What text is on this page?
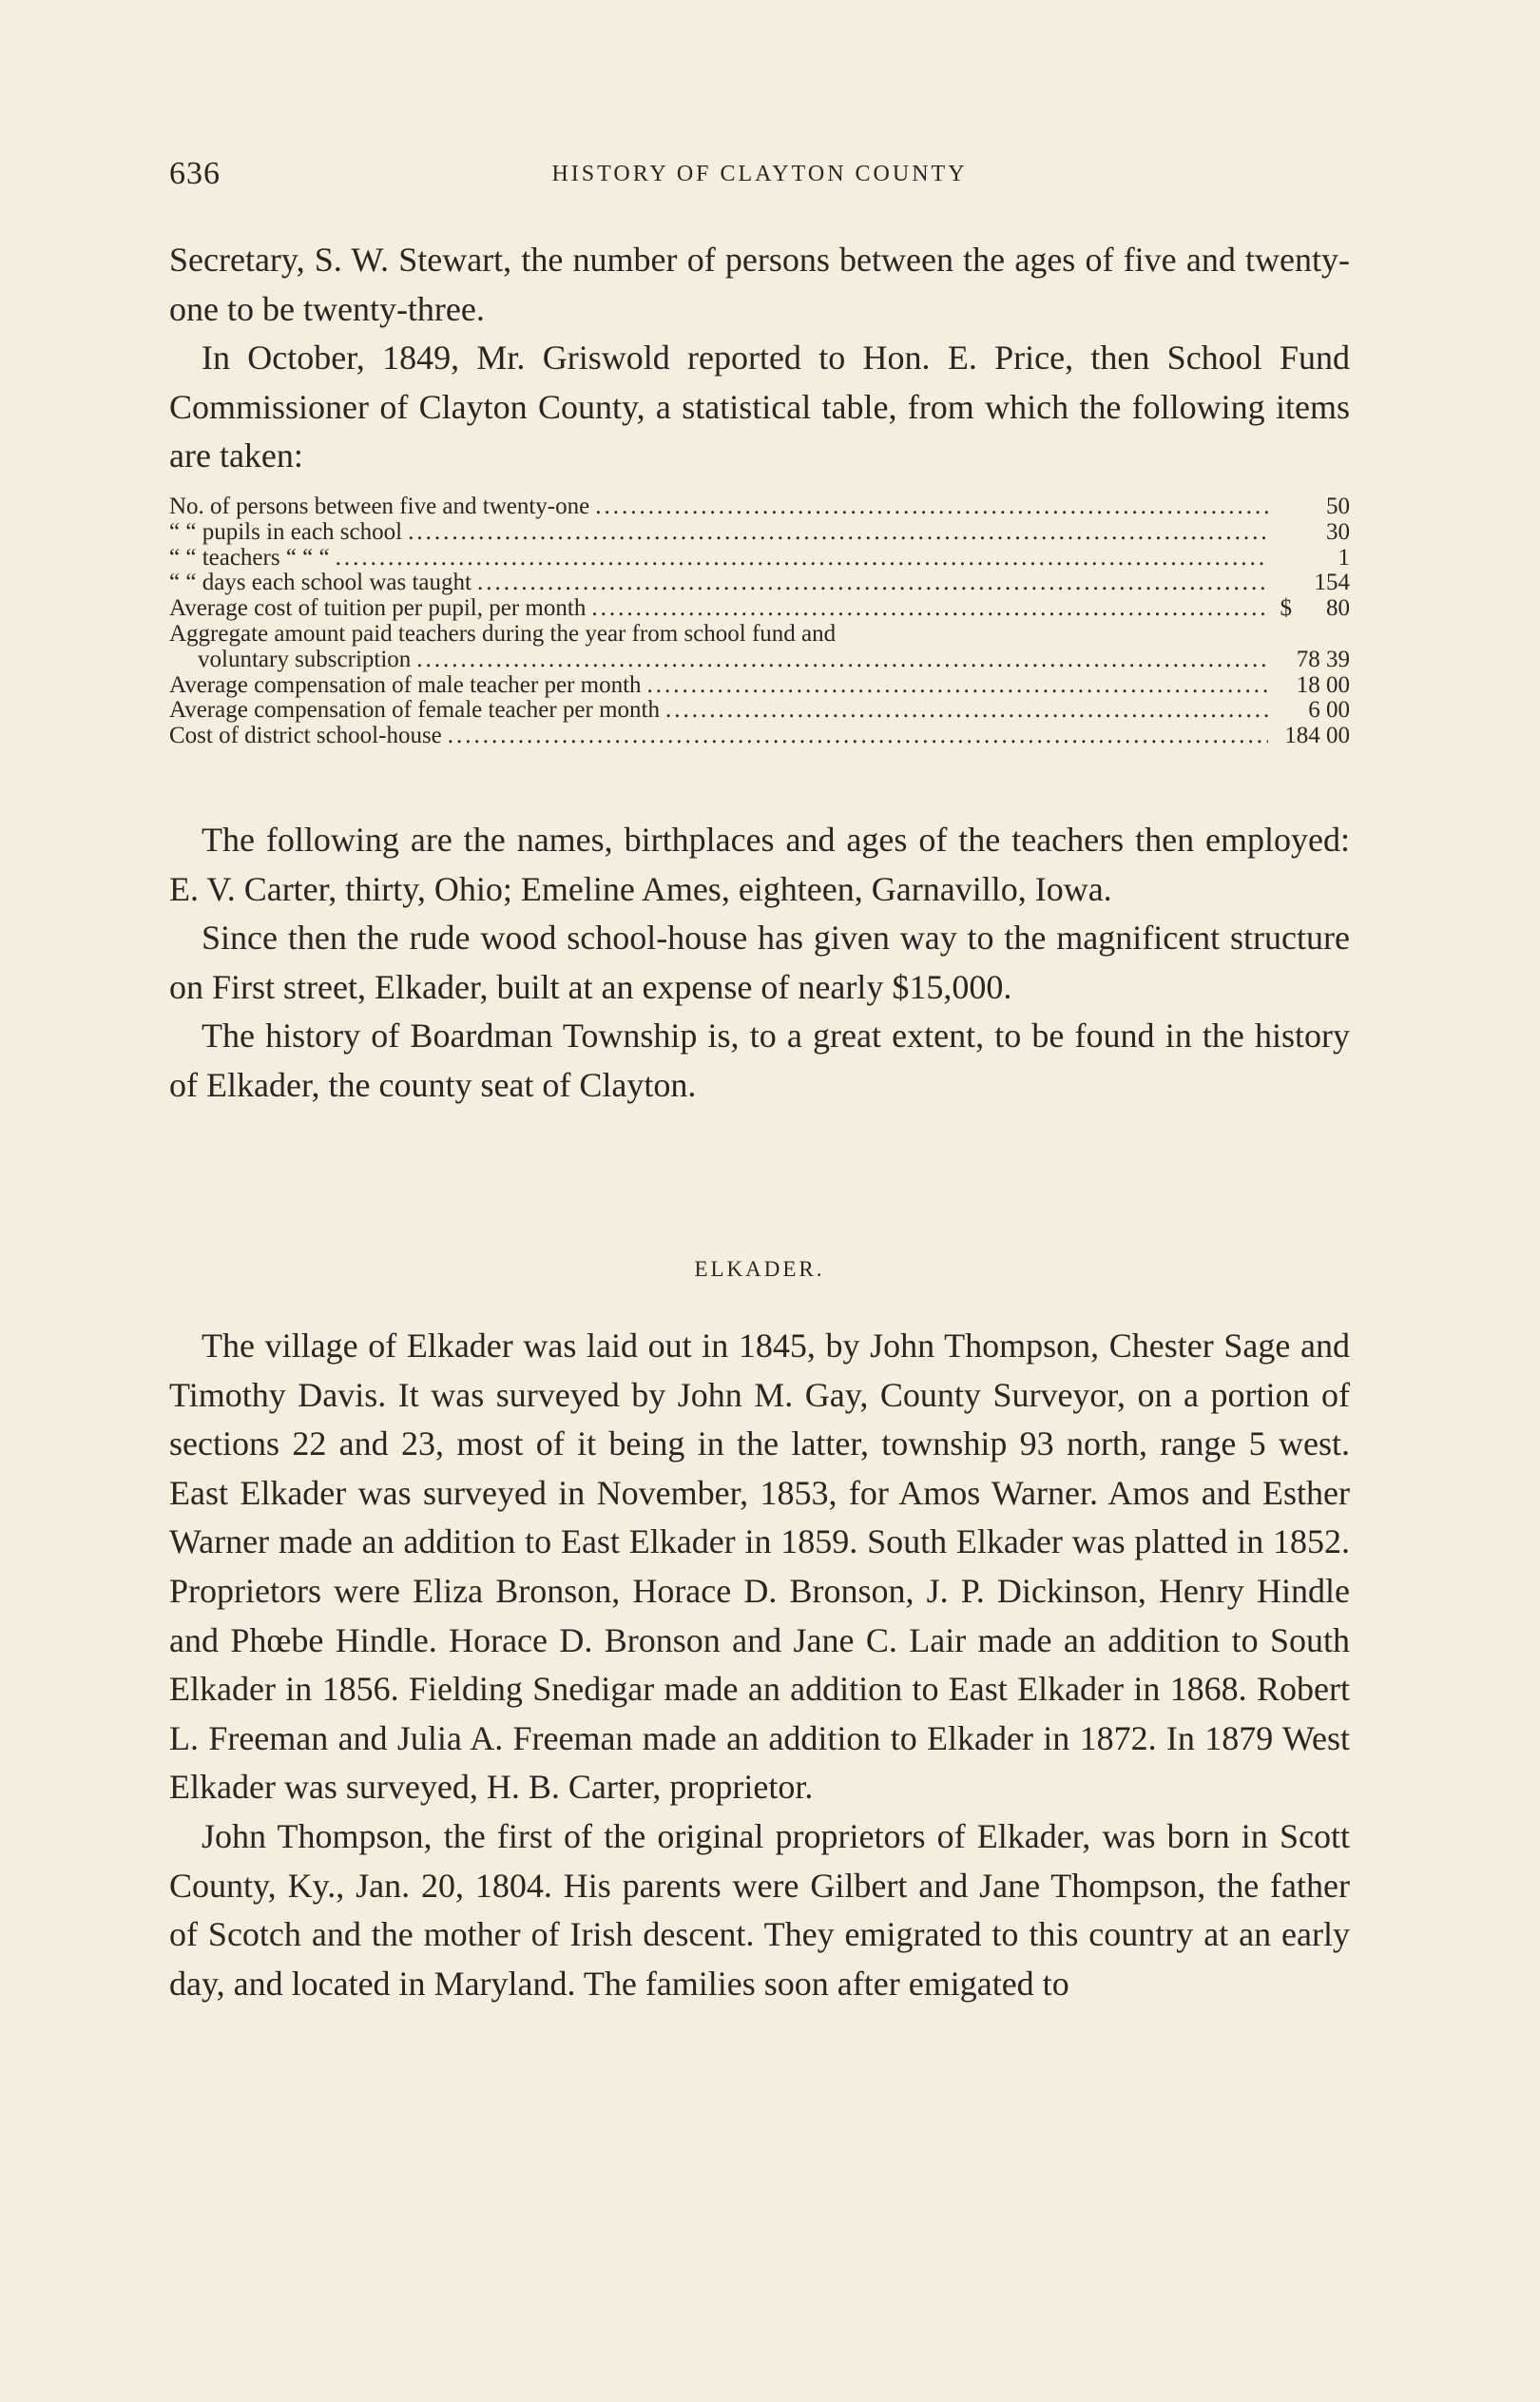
636	HISTORY OF CLAYTON COUNTY

Secretary, S. W. Stewart, the number of persons between the ages of five and twenty-one to be twenty-three.

In October, 1849, Mr. Griswold reported to Hon. E. Price, then School Fund Commissioner of Clayton County, a statistical table, from which the following items are taken:

No. of persons between five and twenty-one .....	50
“ “ pupils in each school .....	30
“ “ teachers “ “ “ .....	1
“ “ days each school was taught .....	154
Average cost of tuition per pupil, per month .....	$ 80
Aggregate amount paid teachers during the year from school fund and
voluntary subscription .....	78 39
Average compensation of male teacher per month .....	18 00
Average compensation of female teacher per month .....	6 00
Cost of district school-house .....	184 00

The following are the names, birthplaces and ages of the teachers then employed: E. V. Carter, thirty, Ohio; Emeline Ames, eighteen, Garnavillo, Iowa.

Since then the rude wood school-house has given way to the magnificent structure on First street, Elkader, built at an expense of nearly $15,000.

The history of Boardman Township is, to a great extent, to be found in the history of Elkader, the county seat of Clayton.

ELKADER.

The village of Elkader was laid out in 1845, by John Thompson, Chester Sage and Timothy Davis. It was surveyed by John M. Gay, County Surveyor, on a portion of sections 22 and 23, most of it being in the latter, township 93 north, range 5 west. East Elkader was surveyed in November, 1853, for Amos Warner. Amos and Esther Warner made an addition to East Elkader in 1859. South Elkader was platted in 1852. Proprietors were Eliza Bronson, Horace D. Bronson, J. P. Dickinson, Henry Hindle and Phœbe Hindle. Horace D. Bronson and Jane C. Lair made an addition to South Elkader in 1856. Fielding Snedigar made an addition to East Elkader in 1868. Robert L. Freeman and Julia A. Freeman made an addition to Elkader in 1872. In 1879 West Elkader was surveyed, H. B. Carter, proprietor.

John Thompson, the first of the original proprietors of Elkader, was born in Scott County, Ky., Jan. 20, 1804. His parents were Gilbert and Jane Thompson, the father of Scotch and the mother of Irish descent. They emigrated to this country at an early day, and located in Maryland. The families soon after emigated to
